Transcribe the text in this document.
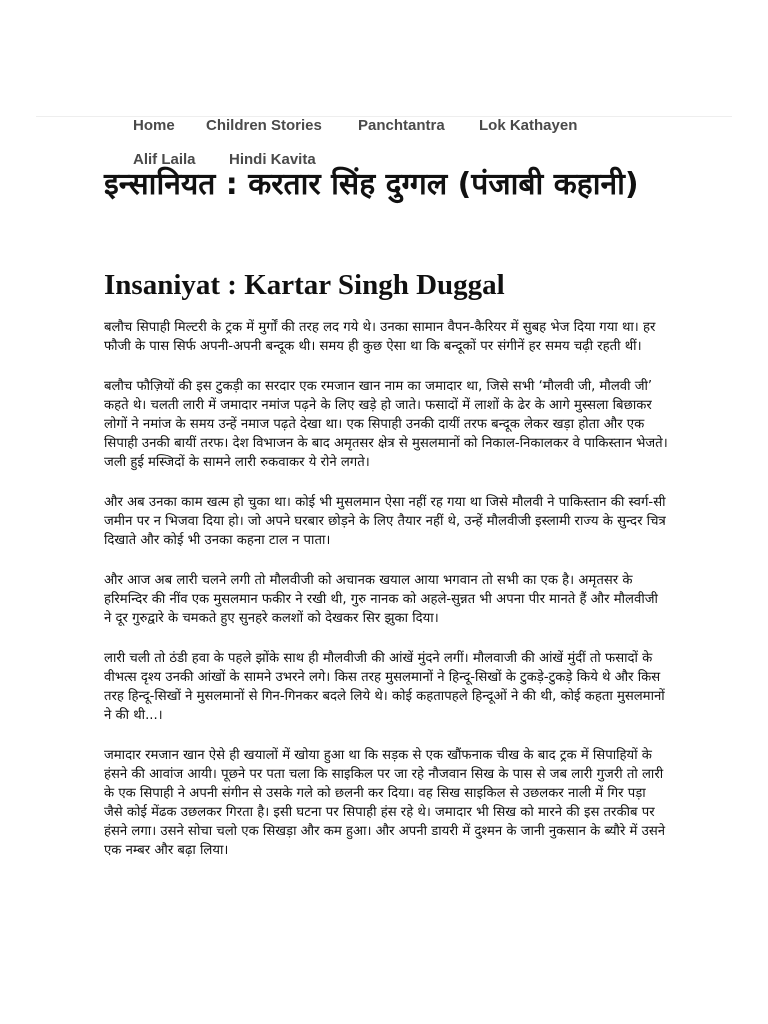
Home Children Stories Panchtantra Lok Kathayen
Alif Laila Hindi Kavita
इन्सानियत : करतार सिंह दुग्गल (पंजाबी कहानी)
Insaniyat : Kartar Singh Duggal

बलौच सिपाही मिल्टरी के ट्रक में मुर्गों की तरह लद गये थे। उनका सामान वैपन-कैरियर में सुबह भेज दिया गया था। हर फौजी के पास सिर्फ अपनी-अपनी बन्दूक थी। समय ही कुछ ऐसा था कि बन्दूकों पर संगीनें हर समय चढ़ी रहती थीं।

बलौच फौज़ियों की इस टुकड़ी का सरदार एक रमजान खान नाम का जमादार था, जिसे सभी ‘मौलवी जी, मौलवी जी’ कहते थे। चलती लारी में जमादार नमांज पढ़ने के लिए खड़े हो जाते। फसादों में लाशों के ढेर के आगे मुस्सला बिछाकर लोगों ने नमांज के समय उन्हें नमाज पढ़ते देखा था। एक सिपाही उनकी दायीं तरफ बन्दूक लेकर खड़ा होता और एक सिपाही उनकी बायीं तरफ। देश विभाजन के बाद अमृतसर क्षेत्र से मुसलमानों को निकाल-निकालकर वे पाकिस्तान भेजते। जली हुई मस्जिदों के सामने लारी रुकवाकर ये रोने लगते।

और अब उनका काम खत्म हो चुका था। कोई भी मुसलमान ऐसा नहीं रह गया था जिसे मौलवी ने पाकिस्तान की स्वर्ग-सी जमीन पर न भिजवा दिया हो। जो अपने घरबार छोड़ने के लिए तैयार नहीं थे, उन्हें मौलवीजी इस्लामी राज्य के सुन्दर चित्र दिखाते और कोई भी उनका कहना टाल न पाता।

और आज अब लारी चलने लगी तो मौलवीजी को अचानक खयाल आया भगवान तो सभी का एक है। अमृतसर के हरिमन्दिर की नींव एक मुसलमान फकीर ने रखी थी, गुरु नानक को अहले-सुन्नत भी अपना पीर मानते हैं और मौलवीजी ने दूर गुरुद्वारे के चमकते हुए सुनहरे कलशों को देखकर सिर झुका दिया।

लारी चली तो ठंडी हवा के पहले झोंके साथ ही मौलवीजी की आंखें मुंदने लगीं। मौलवाजी की आंखें मुंदीं तो फसादों के वीभत्स दृश्य उनकी आंखों के सामने उभरने लगे। किस तरह मुसलमानों ने हिन्दू-सिखों के टुकड़े-टुकड़े किये थे और किस तरह हिन्दू-सिखों ने मुसलमानों से गिन-गिनकर बदले लिये थे। कोई कहतापहले हिन्दूओं ने की थी, कोई कहता मुसलमानों ने की थी...।

जमादार रमजान खान ऐसे ही खयालों में खोया हुआ था कि सड़क से एक खौंफनाक चीख के बाद ट्रक में सिपाहियों के हंसने की आवांज आयी। पूछने पर पता चला कि साइकिल पर जा रहे नौजवान सिख के पास से जब लारी गुजरी तो लारी के एक सिपाही ने अपनी संगीन से उसके गले को छलनी कर दिया। वह सिख साइकिल से उछलकर नाली में गिर पड़ा जैसे कोई मेंढक उछलकर गिरता है। इसी घटना पर सिपाही हंस रहे थे। जमादार भी सिख को मारने की इस तरकीब पर हंसने लगा। उसने सोचा चलो एक सिखड़ा और कम हुआ। और अपनी डायरी में दुश्मन के जानी नुकसान के ब्यौरे में उसने एक नम्बर और बढ़ा लिया।
